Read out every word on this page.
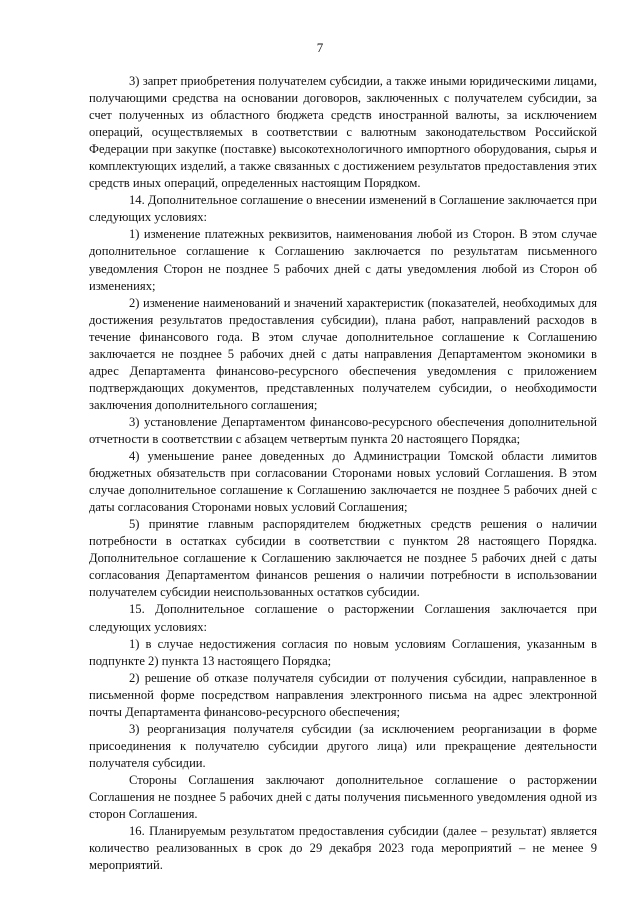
7

3) запрет приобретения получателем субсидии, а также иными юридическими лицами, получающими средства на основании договоров, заключенных с получателем субсидии, за счет полученных из областного бюджета средств иностранной валюты, за исключением операций, осуществляемых в соответствии с валютным законодательством Российской Федерации при закупке (поставке) высокотехнологичного импортного оборудования, сырья и комплектующих изделий, а также связанных с достижением результатов предоставления этих средств иных операций, определенных настоящим Порядком.

14. Дополнительное соглашение о внесении изменений в Соглашение заключается при следующих условиях:

1) изменение платежных реквизитов, наименования любой из Сторон. В этом случае дополнительное соглашение к Соглашению заключается по результатам письменного уведомления Сторон не позднее 5 рабочих дней с даты уведомления любой из Сторон об изменениях;

2) изменение наименований и значений характеристик (показателей, необходимых для достижения результатов предоставления субсидии), плана работ, направлений расходов в течение финансового года. В этом случае дополнительное соглашение к Соглашению заключается не позднее 5 рабочих дней с даты направления Департаментом экономики в адрес Департамента финансово-ресурсного обеспечения уведомления с приложением подтверждающих документов, представленных получателем субсидии, о необходимости заключения дополнительного соглашения;

3) установление Департаментом финансово-ресурсного обеспечения дополнительной отчетности в соответствии с абзацем четвертым пункта 20 настоящего Порядка;

4) уменьшение ранее доведенных до Администрации Томской области лимитов бюджетных обязательств при согласовании Сторонами новых условий Соглашения. В этом случае дополнительное соглашение к Соглашению заключается не позднее 5 рабочих дней с даты согласования Сторонами новых условий Соглашения;

5) принятие главным распорядителем бюджетных средств решения о наличии потребности в остатках субсидии в соответствии с пунктом 28 настоящего Порядка. Дополнительное соглашение к Соглашению заключается не позднее 5 рабочих дней с даты согласования Департаментом финансов решения о наличии потребности в использовании получателем субсидии неиспользованных остатков субсидии.

15. Дополнительное соглашение о расторжении Соглашения заключается при следующих условиях:

1) в случае недостижения согласия по новым условиям Соглашения, указанным в подпункте 2) пункта 13 настоящего Порядка;

2) решение об отказе получателя субсидии от получения субсидии, направленное в письменной форме посредством направления электронного письма на адрес электронной почты Департамента финансово-ресурсного обеспечения;

3) реорганизация получателя субсидии (за исключением реорганизации в форме присоединения к получателю субсидии другого лица) или прекращение деятельности получателя субсидии.

Стороны Соглашения заключают дополнительное соглашение о расторжении Соглашения не позднее 5 рабочих дней с даты получения письменного уведомления одной из сторон Соглашения.

16. Планируемым результатом предоставления субсидии (далее – результат) является количество реализованных в срок до 29 декабря 2023 года мероприятий – не менее 9 мероприятий.
